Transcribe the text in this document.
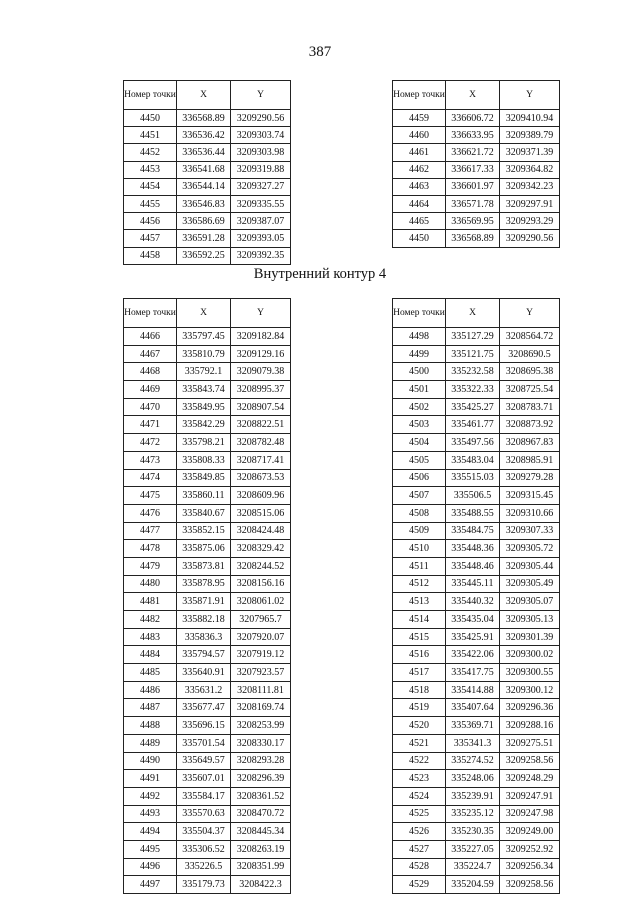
387
Номер точки	X	Y
4450	336568.89	3209290.56
4451	336536.42	3209303.74
4452	336536.44	3209303.98
4453	336541.68	3209319.88
4454	336544.14	3209327.27
4455	336546.83	3209335.55
4456	336586.69	3209387.07
4457	336591.28	3209393.05
4458	336592.25	3209392.35
Номер точки	X	Y
4459	336606.72	3209410.94
4460	336633.95	3209389.79
4461	336621.72	3209371.39
4462	336617.33	3209364.82
4463	336601.97	3209342.23
4464	336571.78	3209297.91
4465	336569.95	3209293.29
4450	336568.89	3209290.56
Внутренний контур 4
Номер точки	X	Y
4466	335797.45	3209182.84
4467	335810.79	3209129.16
4468	335792.1	3209079.38
4469	335843.74	3208995.37
4470	335849.95	3208907.54
4471	335842.29	3208822.51
4472	335798.21	3208782.48
4473	335808.33	3208717.41
4474	335849.85	3208673.53
4475	335860.11	3208609.96
4476	335840.67	3208515.06
4477	335852.15	3208424.48
4478	335875.06	3208329.42
4479	335873.81	3208244.52
4480	335878.95	3208156.16
4481	335871.91	3208061.02
4482	335882.18	3207965.7
4483	335836.3	3207920.07
4484	335794.57	3207919.12
4485	335640.91	3207923.57
4486	335631.2	3208111.81
4487	335677.47	3208169.74
4488	335696.15	3208253.99
4489	335701.54	3208330.17
4490	335649.57	3208293.28
4491	335607.01	3208296.39
4492	335584.17	3208361.52
4493	335570.63	3208470.72
4494	335504.37	3208445.34
4495	335306.52	3208263.19
4496	335226.5	3208351.99
4497	335179.73	3208422.3
Номер точки	X	Y
4498	335127.29	3208564.72
4499	335121.75	3208690.5
4500	335232.58	3208695.38
4501	335322.33	3208725.54
4502	335425.27	3208783.71
4503	335461.77	3208873.92
4504	335497.56	3208967.83
4505	335483.04	3208985.91
4506	335515.03	3209279.28
4507	335506.5	3209315.45
4508	335488.55	3209310.66
4509	335484.75	3209307.33
4510	335448.36	3209305.72
4511	335448.46	3209305.44
4512	335445.11	3209305.49
4513	335440.32	3209305.07
4514	335435.04	3209305.13
4515	335425.91	3209301.39
4516	335422.06	3209300.02
4517	335417.75	3209300.55
4518	335414.88	3209300.12
4519	335407.64	3209296.36
4520	335369.71	3209288.16
4521	335341.3	3209275.51
4522	335274.52	3209258.56
4523	335248.06	3209248.29
4524	335239.91	3209247.91
4525	335235.12	3209247.98
4526	335230.35	3209249.00
4527	335227.05	3209252.92
4528	335224.7	3209256.34
4529	335204.59	3209258.56
